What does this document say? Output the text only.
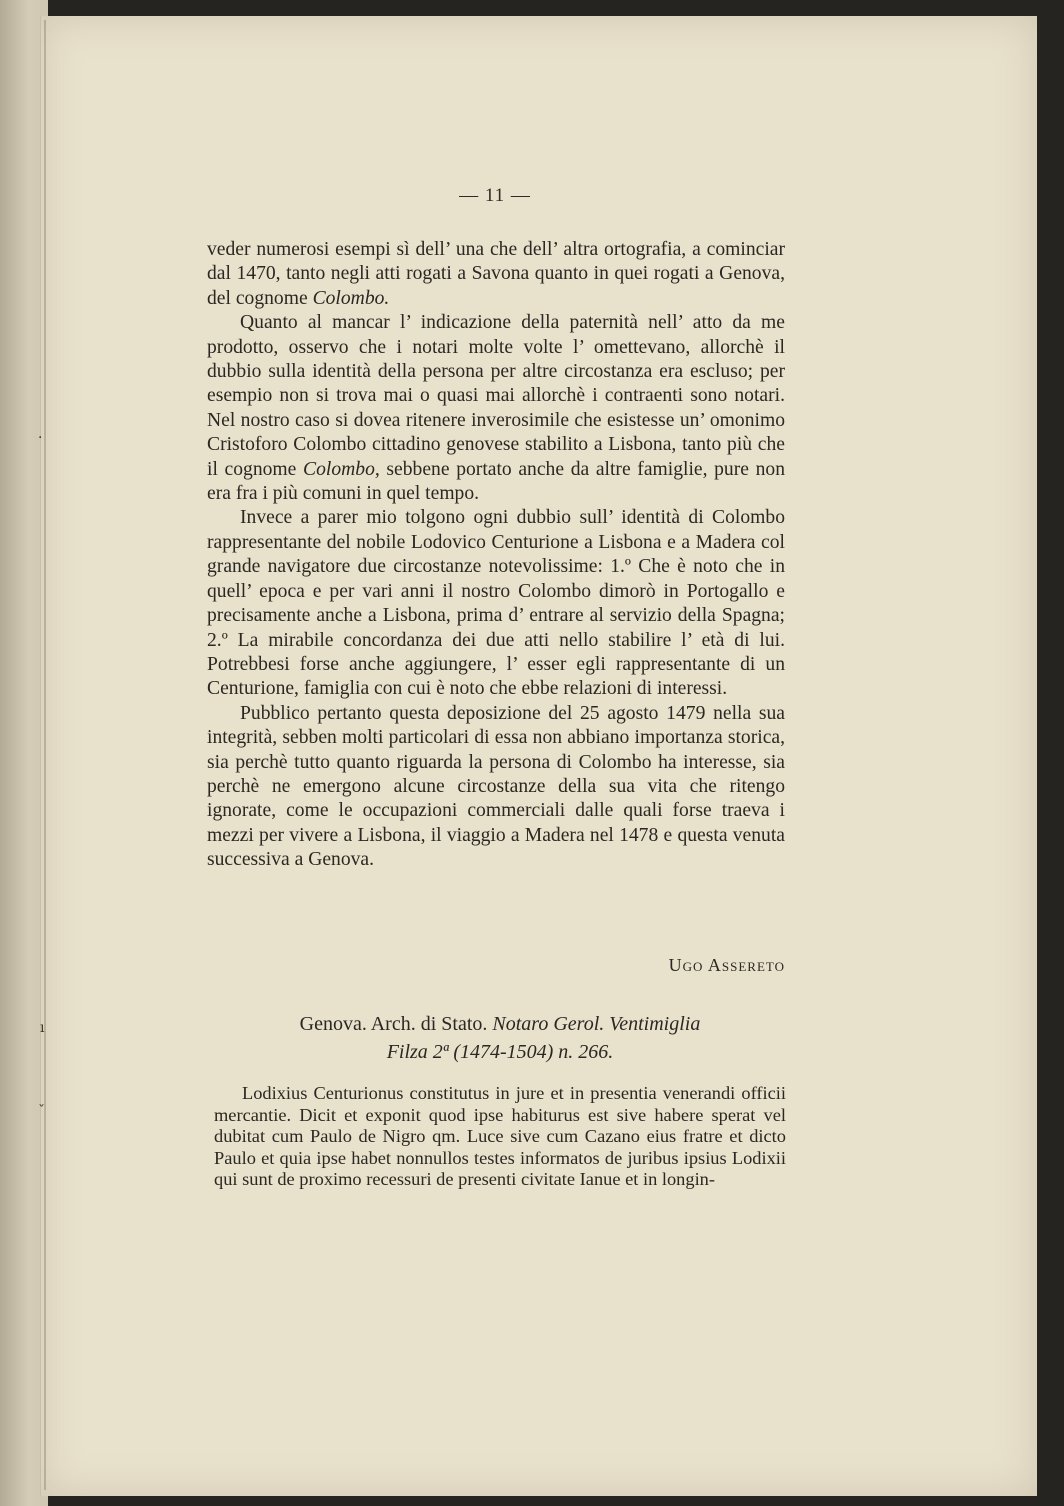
— 11 —

veder numerosi esempi sì dell’ una che dell’ altra ortografia, a cominciar dal 1470, tanto negli atti rogati a Savona quanto in quei rogati a Genova, del cognome Colombo.

Quanto al mancar l’ indicazione della paternità nell’ atto da me prodotto, osservo che i notari molte volte l’ omettevano, allorchè il dubbio sulla identità della persona per altre circostanza era escluso; per esempio non si trova mai o quasi mai allorchè i contraenti sono notari. Nel nostro caso si dovea ritenere inverosimile che esistesse un’ omonimo Cristoforo Colombo cittadino genovese stabilito a Lisbona, tanto più che il cognome Colombo, sebbene portato anche da altre famiglie, pure non era fra i più comuni in quel tempo.

Invece a parer mio tolgono ogni dubbio sull’ identità di Colombo rappresentante del nobile Lodovico Centurione a Lisbona e a Madera col grande navigatore due circostanze notevolissime: 1.º Che è noto che in quell’ epoca e per vari anni il nostro Colombo dimorò in Portogallo e precisamente anche a Lisbona, prima d’ entrare al servizio della Spagna; 2.º La mirabile concordanza dei due atti nello stabilire l’ età di lui. Potrebbesi forse anche aggiungere, l’ esser egli rappresentante di un Centurione, famiglia con cui è noto che ebbe relazioni di interessi.

Pubblico pertanto questa deposizione del 25 agosto 1479 nella sua integrità, sebben molti particolari di essa non abbiano importanza storica, sia perchè tutto quanto riguarda la persona di Colombo ha interesse, sia perchè ne emergono alcune circostanze della sua vita che ritengo ignorate, come le occupazioni commerciali dalle quali forse traeva i mezzi per vivere a Lisbona, il viaggio a Madera nel 1478 e questa venuta successiva a Genova.

Ugo Assereto
Genova. Arch. di Stato. Notaro Gerol. Ventimiglia
Filza 2ª (1474-1504) n. 266.

Lodixius Centurionus constitutus in jure et in presentia venerandi officii mercantie. Dicit et exponit quod ipse habiturus est sive habere sperat vel dubitat cum Paulo de Nigro qm. Luce sive cum Cazano eius fratre et dicto Paulo et quia ipse habet nonnullos testes informatos de juribus ipsius Lodixii qui sunt de proximo recessuri de presenti civitate Ianue et in longin-

·
ı
ˇ
